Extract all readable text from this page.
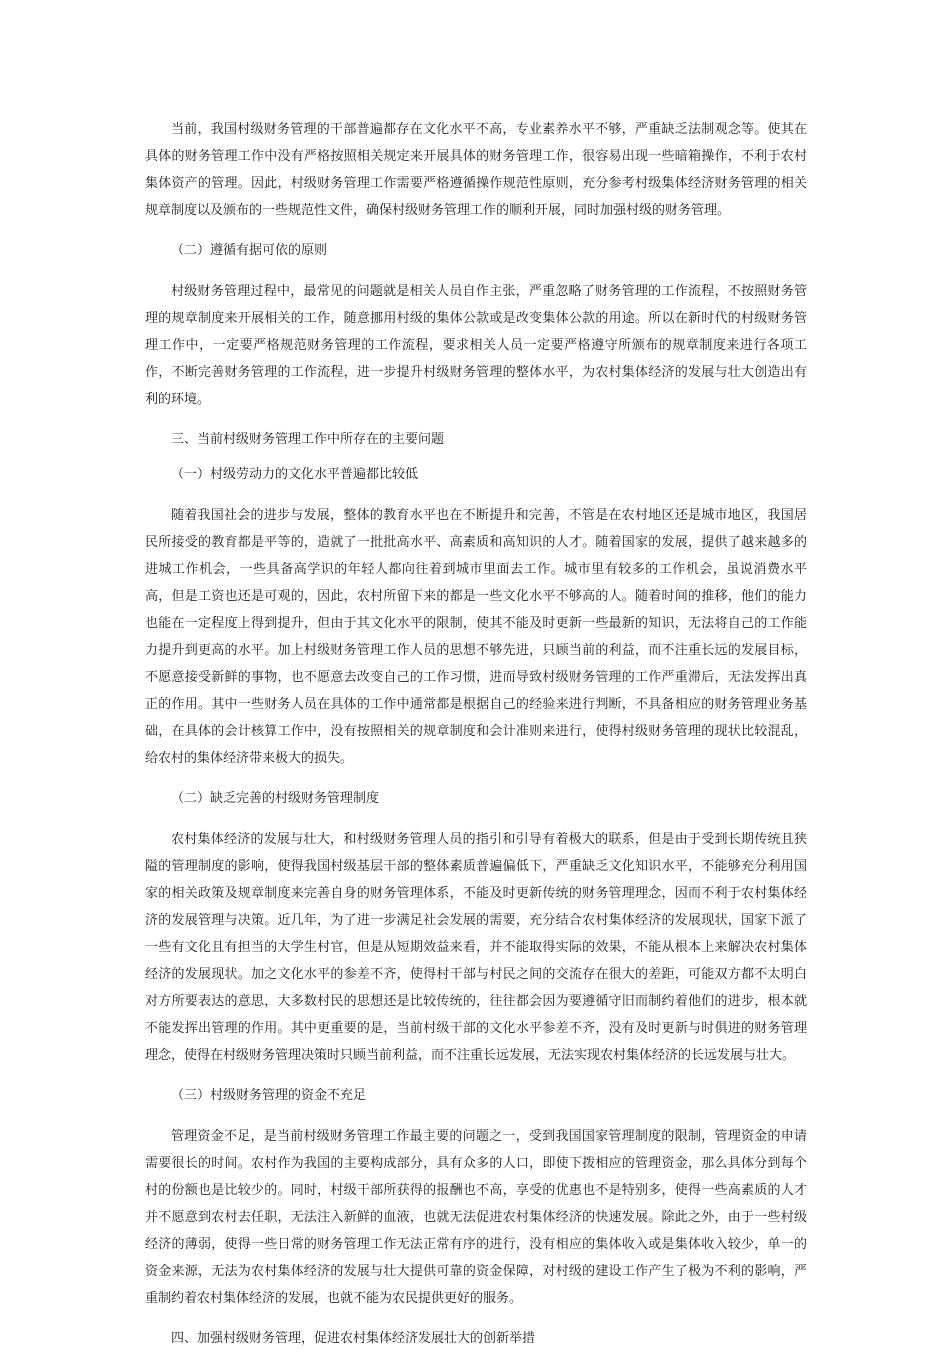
当前，我国村级财务管理的干部普遍都存在文化水平不高，专业素养水平不够，严重缺乏法制观念等。使其在具体的财务管理工作中没有严格按照相关规定来开展具体的财务管理工作，很容易出现一些暗箱操作，不利于农村集体资产的管理。因此，村级财务管理工作需要严格遵循操作规范性原则，充分参考村级集体经济财务管理的相关规章制度以及颁布的一些规范性文件，确保村级财务管理工作的顺利开展，同时加强村级的财务管理。

（二）遵循有据可依的原则

村级财务管理过程中，最常见的问题就是相关人员自作主张，严重忽略了财务管理的工作流程，不按照财务管理的规章制度来开展相关的工作，随意挪用村级的集体公款或是改变集体公款的用途。所以在新时代的村级财务管理工作中，一定要严格规范财务管理的工作流程，要求相关人员一定要严格遵守所颁布的规章制度来进行各项工作，不断完善财务管理的工作流程，进一步提升村级财务管理的整体水平，为农村集体经济的发展与壮大创造出有利的环境。

三、当前村级财务管理工作中所存在的主要问题

（一）村级劳动力的文化水平普遍都比较低

随着我国社会的进步与发展，整体的教育水平也在不断提升和完善，不管是在农村地区还是城市地区，我国居民所接受的教育都是平等的，造就了一批批高水平、高素质和高知识的人才。随着国家的发展，提供了越来越多的进城工作机会，一些具备高学识的年轻人都向往着到城市里面去工作。城市里有较多的工作机会，虽说消费水平高，但是工资也还是可观的，因此，农村所留下来的都是一些文化水平不够高的人。随着时间的推移，他们的能力也能在一定程度上得到提升，但由于其文化水平的限制，使其不能及时更新一些最新的知识，无法将自己的工作能力提升到更高的水平。加上村级财务管理工作人员的思想不够先进，只顾当前的利益，而不注重长远的发展目标，不愿意接受新鲜的事物，也不愿意去改变自己的工作习惯，进而导致村级财务管理的工作严重滞后，无法发挥出真正的作用。其中一些财务人员在具体的工作中通常都是根据自己的经验来进行判断，不具备相应的财务管理业务基础，在具体的会计核算工作中，没有按照相关的规章制度和会计准则来进行，使得村级财务管理的现状比较混乱，给农村的集体经济带来极大的损失。

（二）缺乏完善的村级财务管理制度

农村集体经济的发展与壮大，和村级财务管理人员的指引和引导有着极大的联系，但是由于受到长期传统且狭隘的管理制度的影响，使得我国村级基层干部的整体素质普遍偏低下，严重缺乏文化知识水平，不能够充分利用国家的相关政策及规章制度来完善自身的财务管理体系，不能及时更新传统的财务管理理念，因而不利于农村集体经济的发展管理与决策。近几年，为了进一步满足社会发展的需要，充分结合农村集体经济的发展现状，国家下派了一些有文化且有担当的大学生村官，但是从短期效益来看，并不能取得实际的效果，不能从根本上来解决农村集体经济的发展现状。加之文化水平的参差不齐，使得村干部与村民之间的交流存在很大的差距，可能双方都不太明白对方所要表达的意思，大多数村民的思想还是比较传统的，往往都会因为要遵循守旧而制约着他们的进步，根本就不能发挥出管理的作用。其中更重要的是，当前村级干部的文化水平参差不齐，没有及时更新与时俱进的财务管理理念，使得在村级财务管理决策时只顾当前利益，而不注重长远发展，无法实现农村集体经济的长远发展与壮大。

（三）村级财务管理的资金不充足

管理资金不足，是当前村级财务管理工作最主要的问题之一，受到我国国家管理制度的限制，管理资金的申请需要很长的时间。农村作为我国的主要构成部分，具有众多的人口，即使下拨相应的管理资金，那么具体分到每个村的份额也是比较少的。同时，村级干部所获得的报酬也不高，享受的优惠也不是特别多，使得一些高素质的人才并不愿意到农村去任职，无法注入新鲜的血液，也就无法促进农村集体经济的快速发展。除此之外，由于一些村级经济的薄弱，使得一些日常的财务管理工作无法正常有序的进行，没有相应的集体收入或是集体收入较少，单一的资金来源，无法为农村集体经济的发展与壮大提供可靠的资金保障，对村级的建设工作产生了极为不利的影响，严重制约着农村集体经济的发展，也就不能为农民提供更好的服务。

四、加强村级财务管理，促进农村集体经济发展壮大的创新举措
